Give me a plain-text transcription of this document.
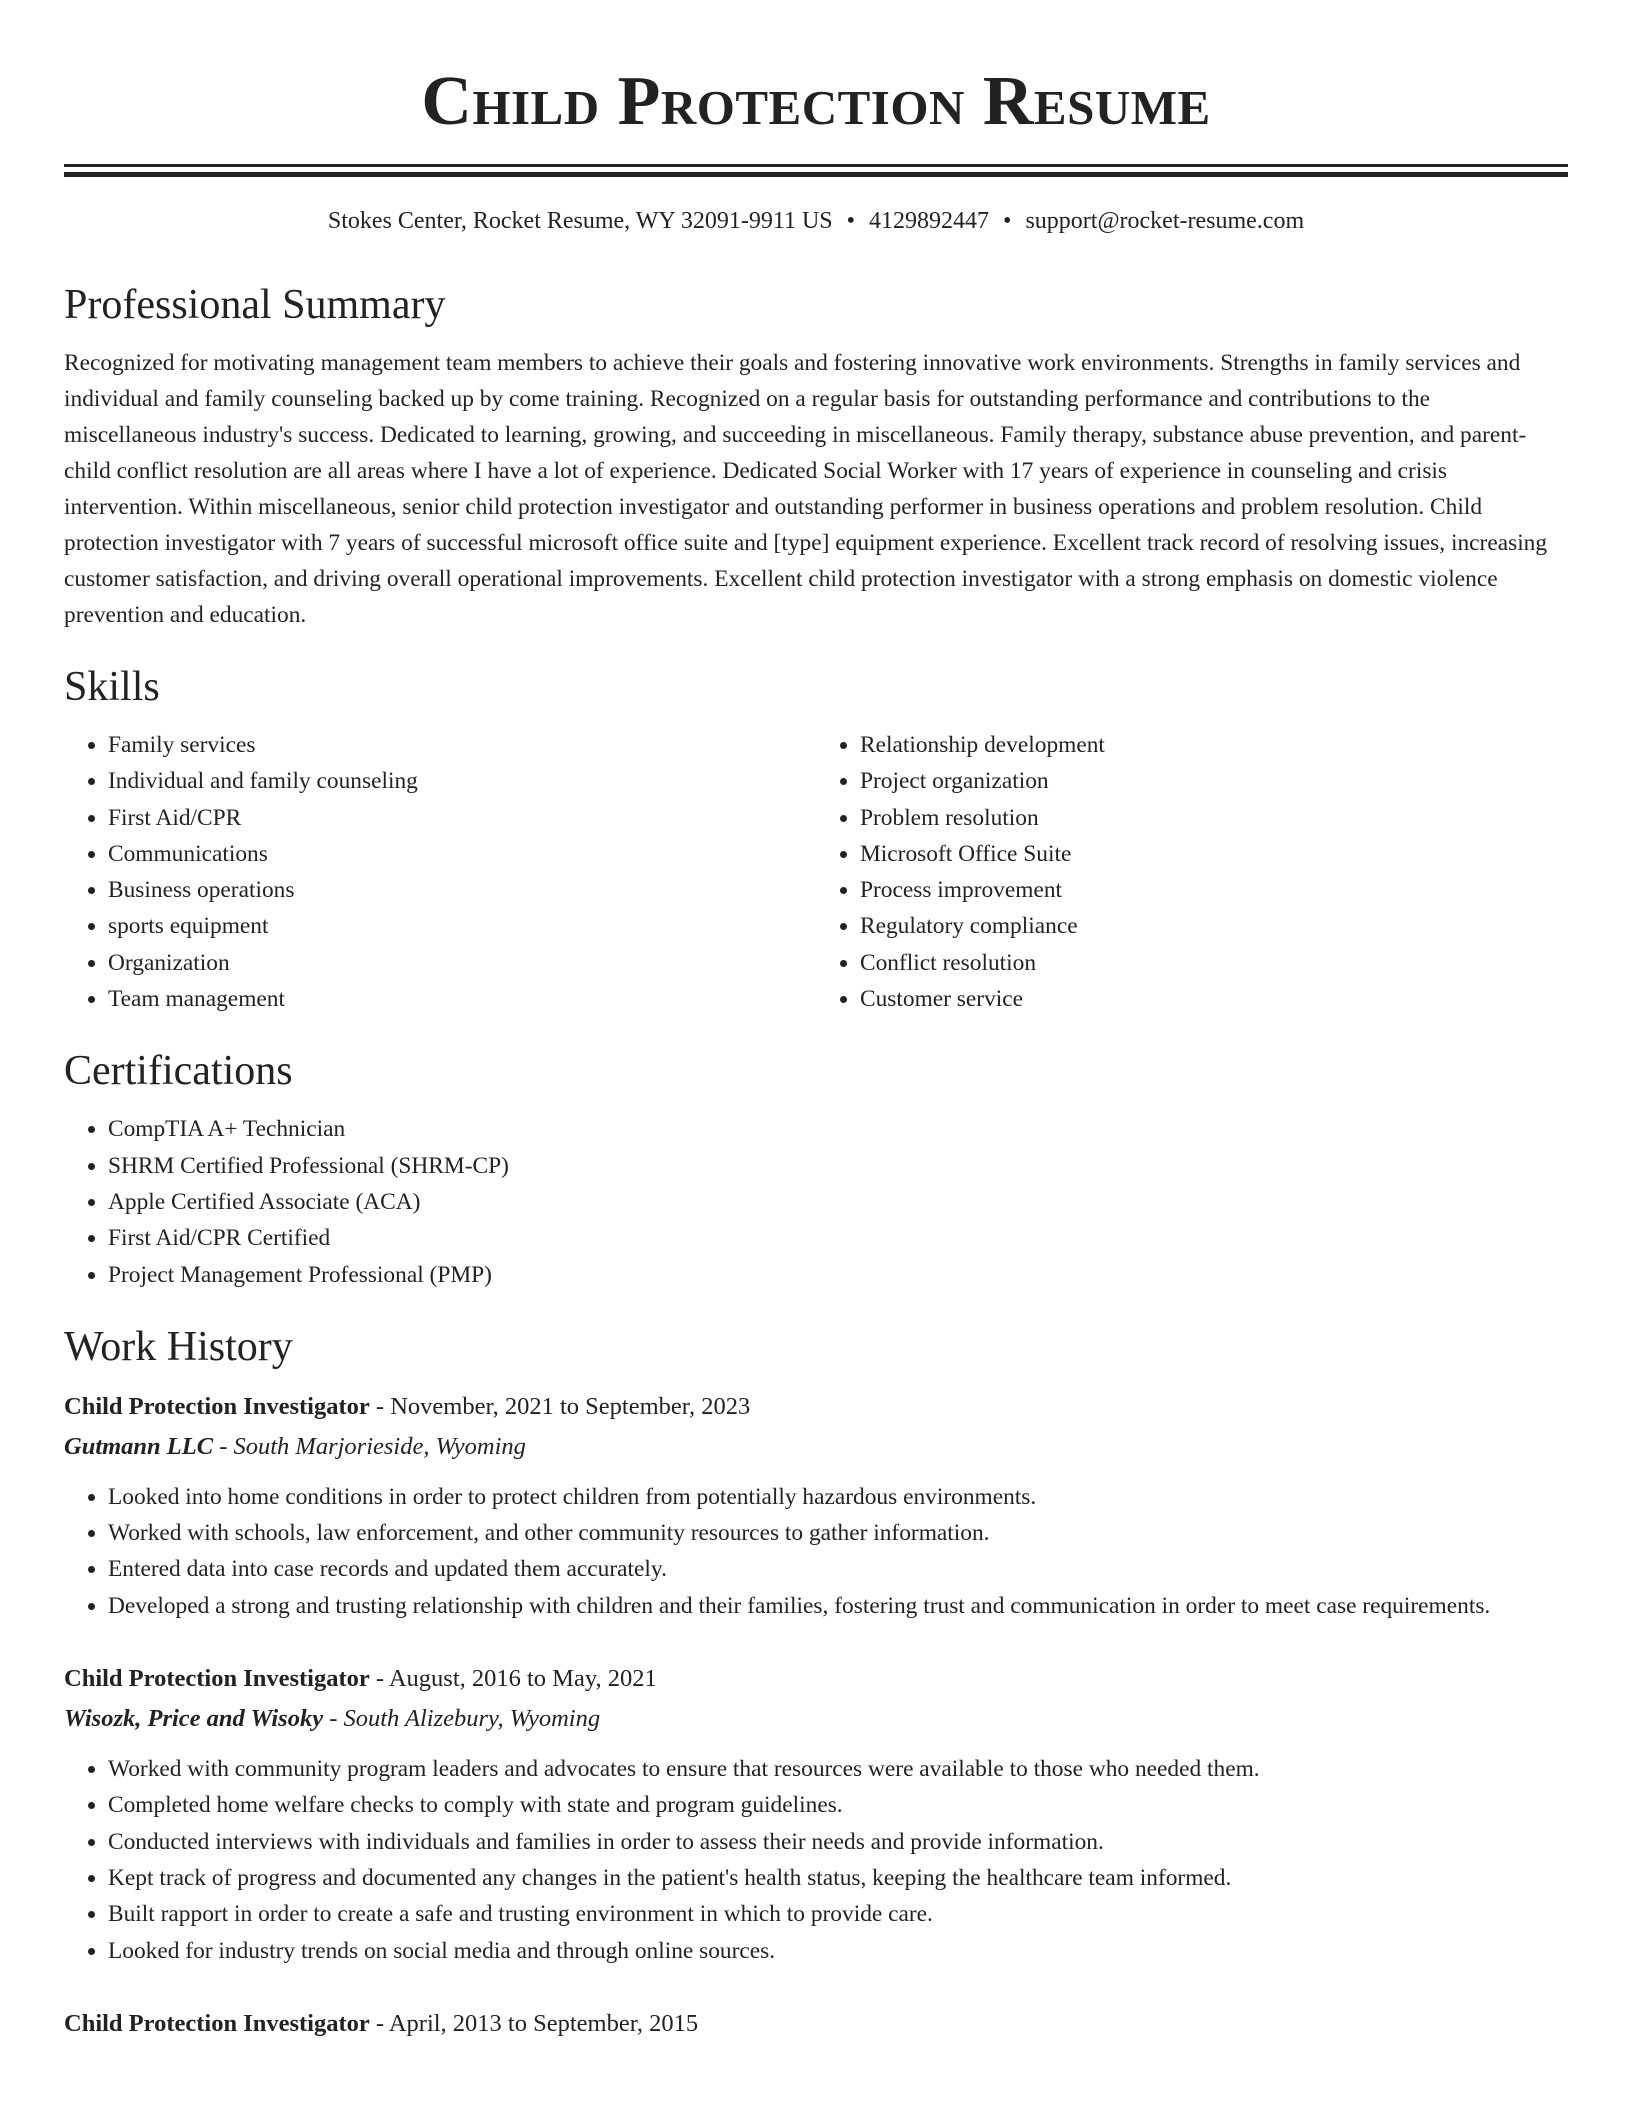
Child Protection Resume
Stokes Center, Rocket Resume, WY 32091-9911 US • 4129892447 • support@rocket-resume.com
Professional Summary

Recognized for motivating management team members to achieve their goals and fostering innovative work environments. Strengths in family services and individual and family counseling backed up by come training. Recognized on a regular basis for outstanding performance and contributions to the miscellaneous industry's success. Dedicated to learning, growing, and succeeding in miscellaneous. Family therapy, substance abuse prevention, and parent-child conflict resolution are all areas where I have a lot of experience. Dedicated Social Worker with 17 years of experience in counseling and crisis intervention. Within miscellaneous, senior child protection investigator and outstanding performer in business operations and problem resolution. Child protection investigator with 7 years of successful microsoft office suite and [type] equipment experience. Excellent track record of resolving issues, increasing customer satisfaction, and driving overall operational improvements. Excellent child protection investigator with a strong emphasis on domestic violence prevention and education.

Skills
• Family services
• Individual and family counseling
• First Aid/CPR
• Communications
• Business operations
• sports equipment
• Organization
• Team management
• Relationship development
• Project organization
• Problem resolution
• Microsoft Office Suite
• Process improvement
• Regulatory compliance
• Conflict resolution
• Customer service
Certifications
• CompTIA A+ Technician
• SHRM Certified Professional (SHRM-CP)
• Apple Certified Associate (ACA)
• First Aid/CPR Certified
• Project Management Professional (PMP)
Work History
Child Protection Investigator - November, 2021 to September, 2023
Gutmann LLC - South Marjorieside, Wyoming
• Looked into home conditions in order to protect children from potentially hazardous environments.
• Worked with schools, law enforcement, and other community resources to gather information.
• Entered data into case records and updated them accurately.
• Developed a strong and trusting relationship with children and their families, fostering trust and communication in order to meet case requirements.
Child Protection Investigator - August, 2016 to May, 2021
Wisozk, Price and Wisoky - South Alizebury, Wyoming
• Worked with community program leaders and advocates to ensure that resources were available to those who needed them.
• Completed home welfare checks to comply with state and program guidelines.
• Conducted interviews with individuals and families in order to assess their needs and provide information.
• Kept track of progress and documented any changes in the patient's health status, keeping the healthcare team informed.
• Built rapport in order to create a safe and trusting environment in which to provide care.
• Looked for industry trends on social media and through online sources.
Child Protection Investigator - April, 2013 to September, 2015
